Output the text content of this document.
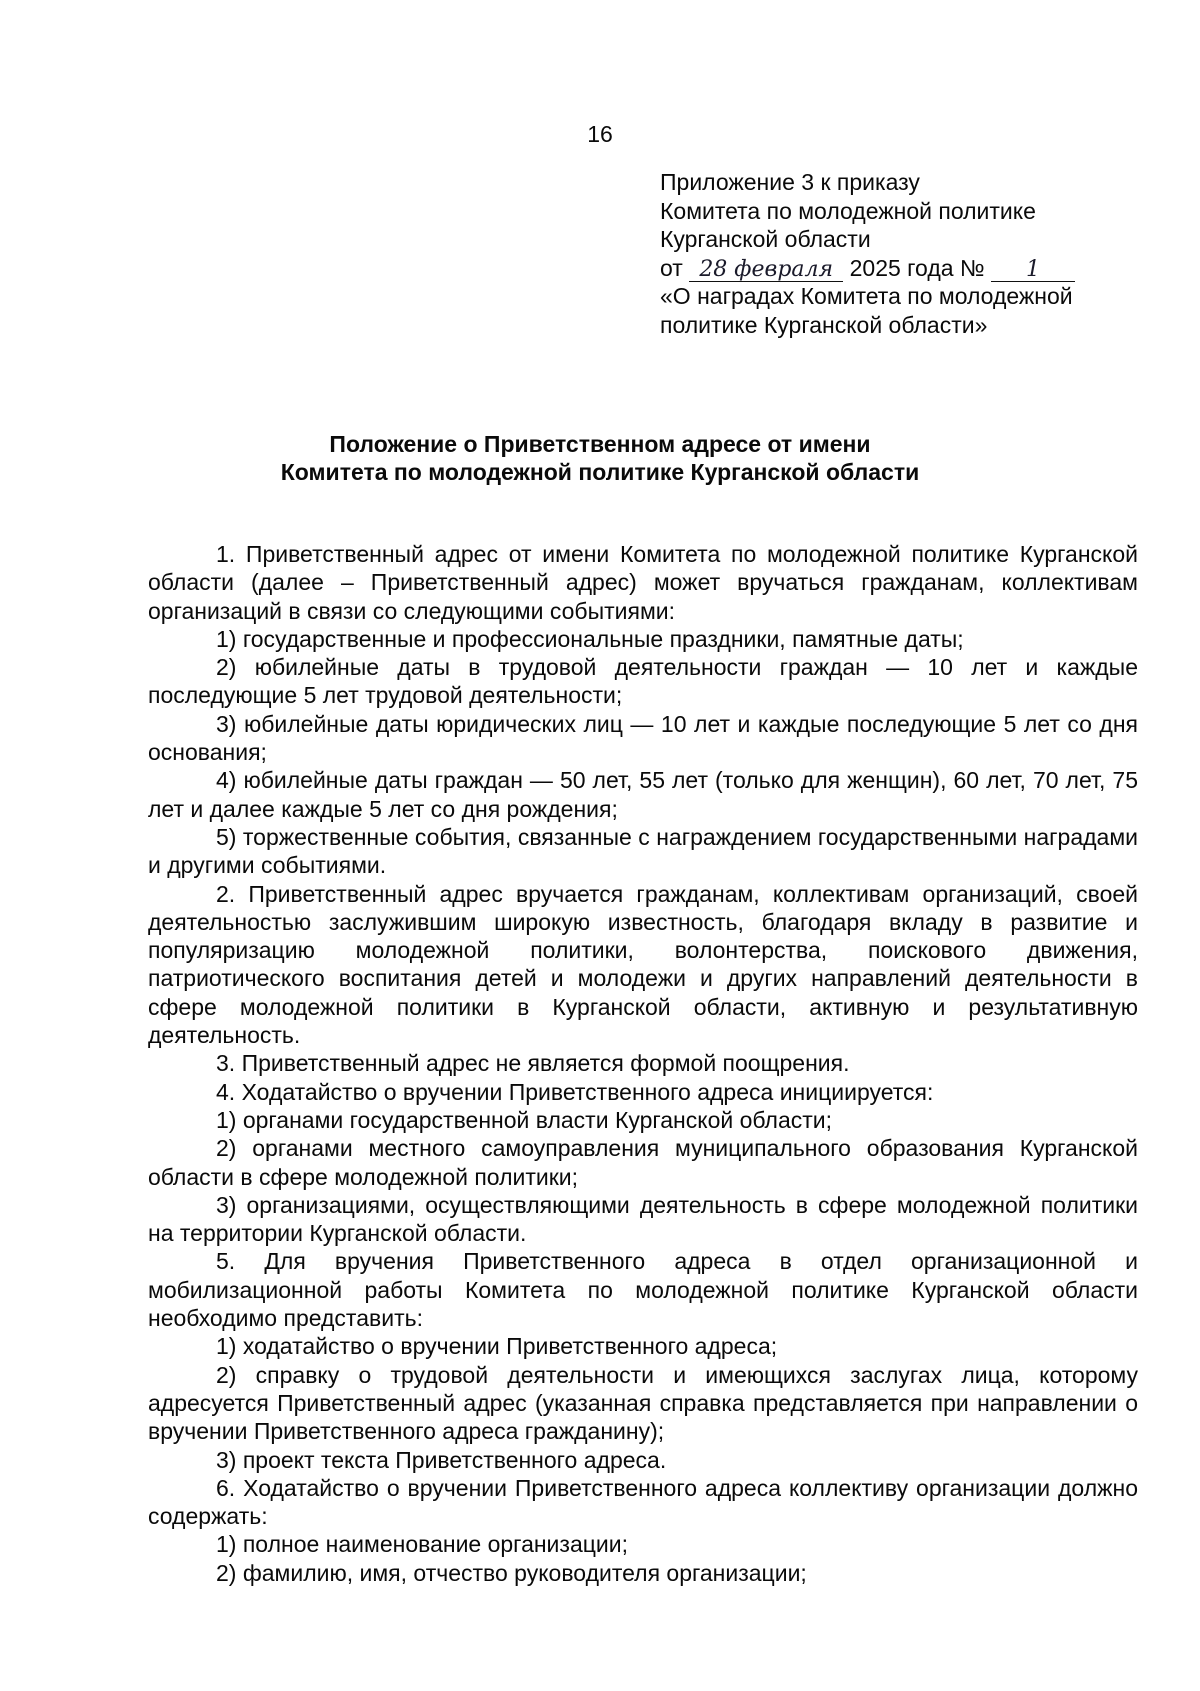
16
Приложение 3 к приказу
Комитета по молодежной политике
Курганской области
от 28 февраля 2025 года № 1
«О наградах Комитета по молодежной
политике Курганской области»
Положение о Приветственном адресе от имени
Комитета по молодежной политике Курганской области

1. Приветственный адрес от имени Комитета по молодежной политике Курганской области (далее – Приветственный адрес) может вручаться гражданам, коллективам организаций в связи со следующими событиями:

1) государственные и профессиональные праздники, памятные даты;

2) юбилейные даты в трудовой деятельности граждан — 10 лет и каждые последующие 5 лет трудовой деятельности;

3) юбилейные даты юридических лиц — 10 лет и каждые последующие 5 лет со дня основания;

4) юбилейные даты граждан — 50 лет, 55 лет (только для женщин), 60 лет, 70 лет, 75 лет и далее каждые 5 лет со дня рождения;

5) торжественные события, связанные с награждением государственными наградами и другими событиями.

2. Приветственный адрес вручается гражданам, коллективам организаций, своей деятельностью заслужившим широкую известность, благодаря вкладу в развитие и популяризацию молодежной политики, волонтерства, поискового движения, патриотического воспитания детей и молодежи и других направлений деятельности в сфере молодежной политики в Курганской области, активную и результативную деятельность.

3. Приветственный адрес не является формой поощрения.

4. Ходатайство о вручении Приветственного адреса инициируется:

1) органами государственной власти Курганской области;

2) органами местного самоуправления муниципального образования Курганской области в сфере молодежной политики;

3) организациями, осуществляющими деятельность в сфере молодежной политики на территории Курганской области.

5. Для вручения Приветственного адреса в отдел организационной и мобилизационной работы Комитета по молодежной политике Курганской области необходимо представить:

1) ходатайство о вручении Приветственного адреса;

2) справку о трудовой деятельности и имеющихся заслугах лица, которому адресуется Приветственный адрес (указанная справка представляется при направлении о вручении Приветственного адреса гражданину);

3) проект текста Приветственного адреса.

6. Ходатайство о вручении Приветственного адреса коллективу организации должно содержать:

1) полное наименование организации;

2) фамилию, имя, отчество руководителя организации;
